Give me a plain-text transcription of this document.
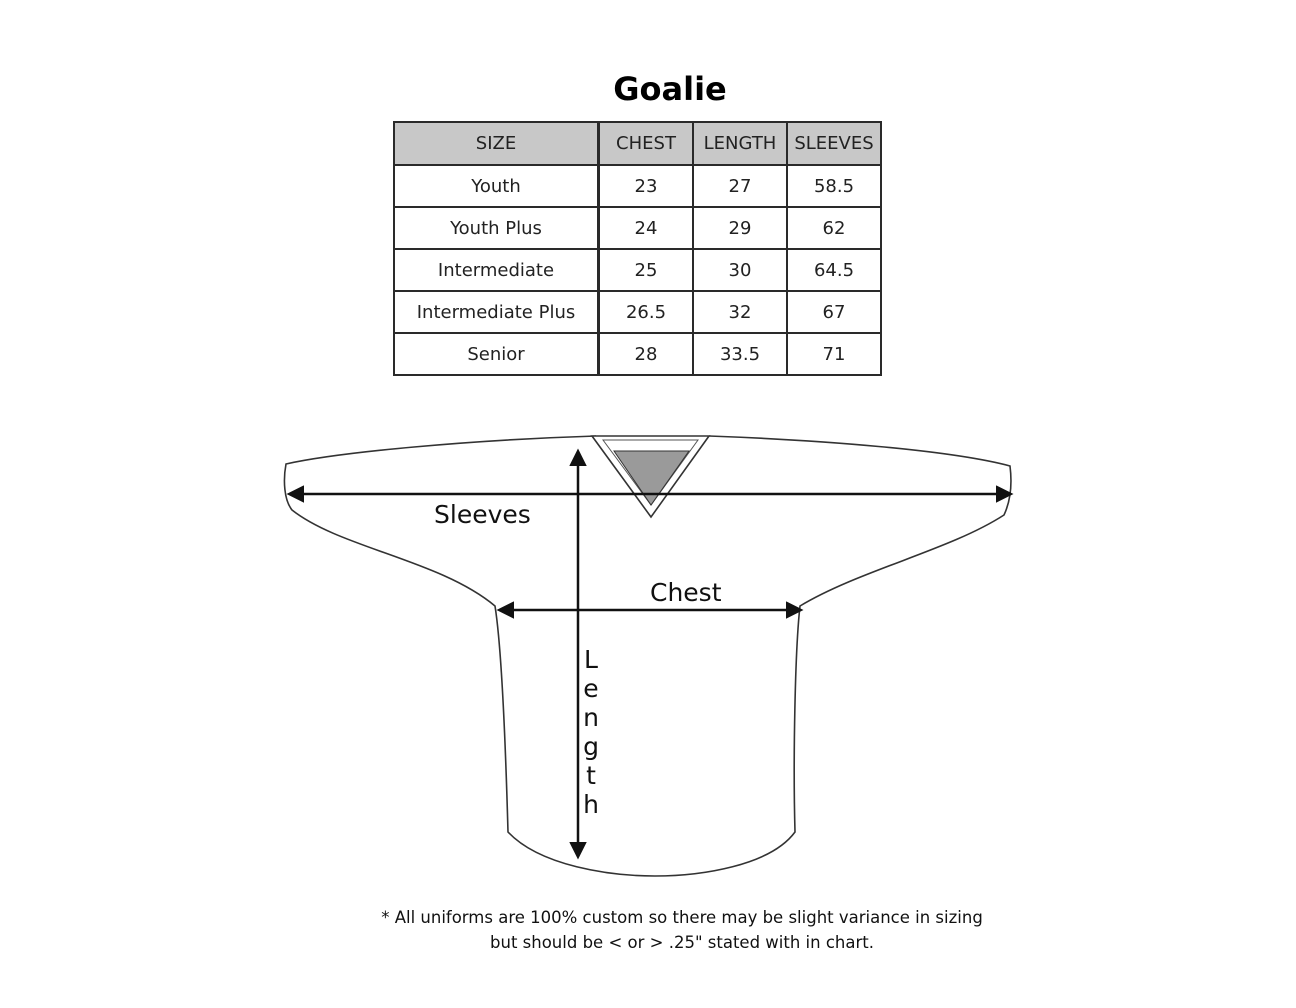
Goalie
SIZE	CHEST	LENGTH	SLEEVES
Youth	23	27	58.5
Youth Plus	24	29	62
Intermediate	25	30	64.5
Intermediate Plus	26.5	32	67
Senior	28	33.5	71
Sleeves
Chest
L
e
n
g
t
h
* All uniforms are 100% custom so there may be slight variance in sizing
but should be < or > .25" stated with in chart.
